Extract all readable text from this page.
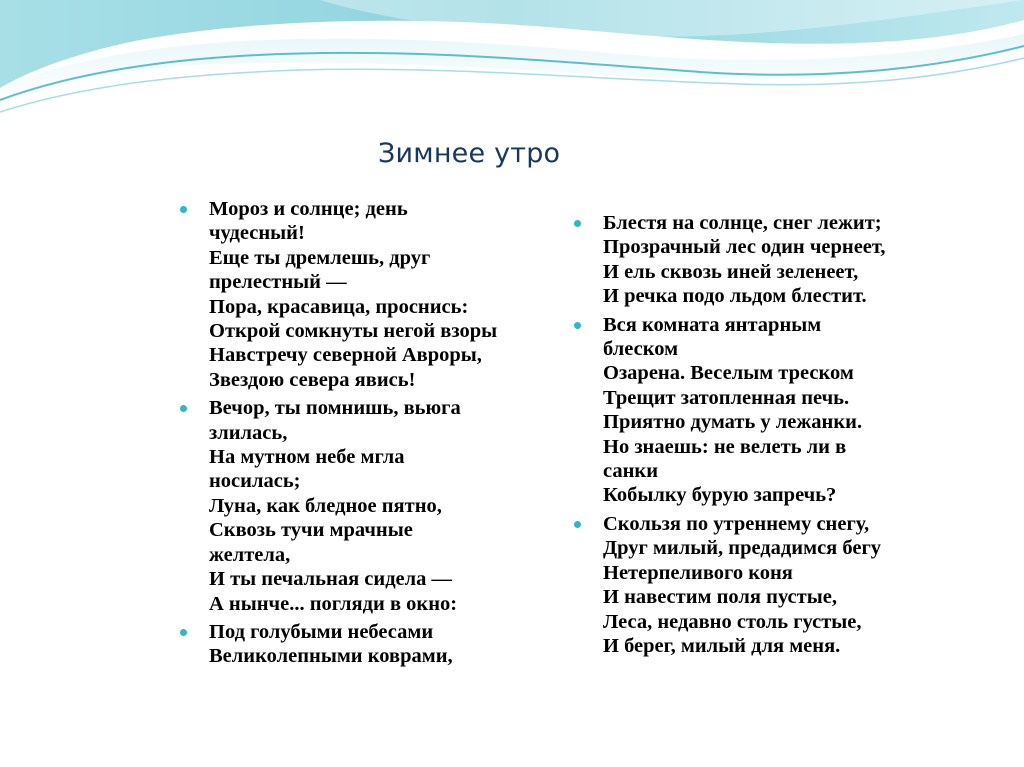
Зимнее утро
Мороз и солнце; день
чудесный!
Еще ты дремлешь, друг
прелестный —
Пора, красавица, проснись:
Открой сомкнуты негой взоры
Навстречу северной Авроры,
Звездою севера явись!
Вечор, ты помнишь, вьюга
злилась,
На мутном небе мгла
носилась;
Луна, как бледное пятно,
Сквозь тучи мрачные
желтела,
И ты печальная сидела —
А нынче... погляди в окно:
Под голубыми небесами
Великолепными коврами,
Блестя на солнце, снег лежит;
Прозрачный лес один чернеет,
И ель сквозь иней зеленеет,
И речка подо льдом блестит.
Вся комната янтарным
блеском
Озарена. Веселым треском
Трещит затопленная печь.
Приятно думать у лежанки.
Но знаешь: не велеть ли в
санки
Кобылку бурую запречь?
Скользя по утреннему снегу,
Друг милый, предадимся бегу
Нетерпеливого коня
И навестим поля пустые,
Леса, недавно столь густые,
И берег, милый для меня.
